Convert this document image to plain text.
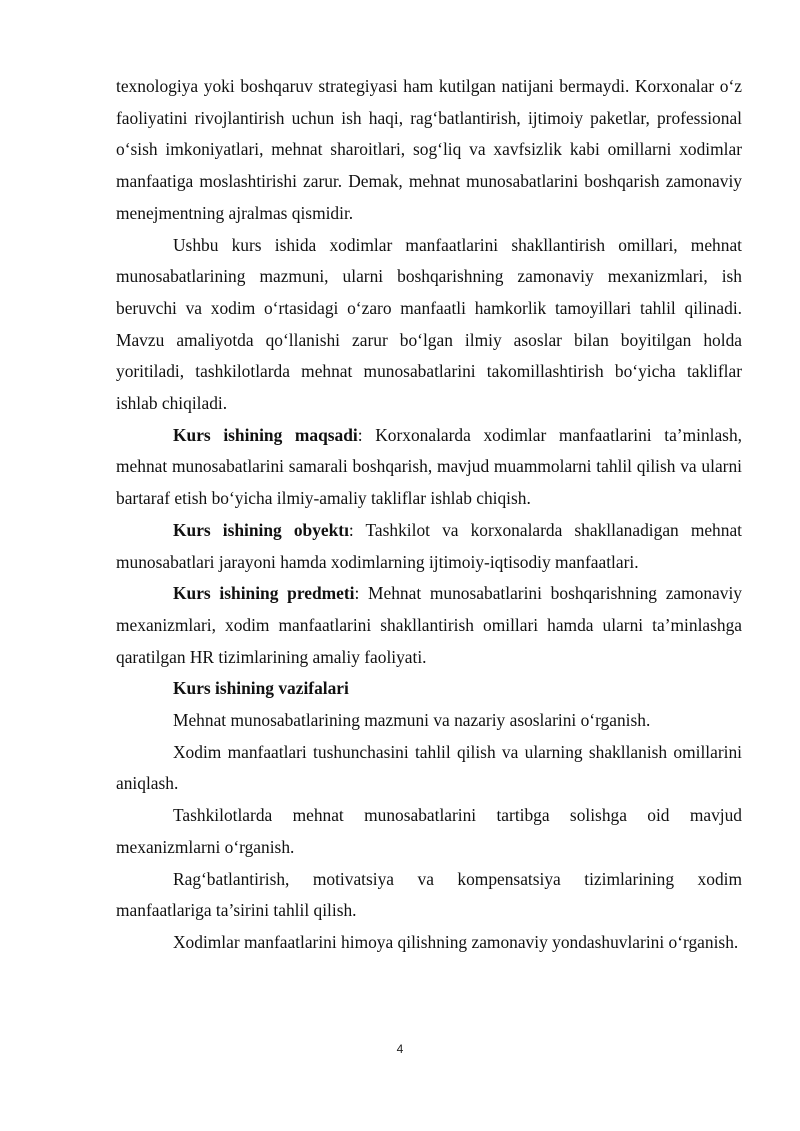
texnologiya yoki boshqaruv strategiyasi ham kutilgan natijani bermaydi. Korxonalar o‘z faoliyatini rivojlantirish uchun ish haqi, rag‘batlantirish, ijtimoiy paketlar, professional o‘sish imkoniyatlari, mehnat sharoitlari, sog‘liq va xavfsizlik kabi omillarni xodimlar manfaatiga moslashtirishi zarur. Demak, mehnat munosabatlarini boshqarish zamonaviy menejmentning ajralmas qismidir.

Ushbu kurs ishida xodimlar manfaatlarini shakllantirish omillari, mehnat munosabatlarining mazmuni, ularni boshqarishning zamonaviy mexanizmlari, ish beruvchi va xodim o‘rtasidagi o‘zaro manfaatli hamkorlik tamoyillari tahlil qilinadi. Mavzu amaliyotda qo‘llanishi zarur bo‘lgan ilmiy asoslar bilan boyitilgan holda yoritiladi, tashkilotlarda mehnat munosabatlarini takomillashtirish bo‘yicha takliflar ishlab chiqiladi.

Kurs ishining maqsadi: Korxonalarda xodimlar manfaatlarini ta’minlash, mehnat munosabatlarini samarali boshqarish, mavjud muammolarni tahlil qilish va ularni bartaraf etish bo‘yicha ilmiy-amaliy takliflar ishlab chiqish.

Kurs ishining obyektı: Tashkilot va korxonalarda shakllanadigan mehnat munosabatlari jarayoni hamda xodimlarning ijtimoiy-iqtisodiy manfaatlari.

Kurs ishining predmeti: Mehnat munosabatlarini boshqarishning zamonaviy mexanizmlari, xodim manfaatlarini shakllantirish omillari hamda ularni ta’minlashga qaratilgan HR tizimlarining amaliy faoliyati.

Kurs ishining vazifalari

Mehnat munosabatlarining mazmuni va nazariy asoslarini o‘rganish.

Xodim manfaatlari tushunchasini tahlil qilish va ularning shakllanish omillarini aniqlash.

Tashkilotlarda mehnat munosabatlarini tartibga solishga oid mavjud mexanizmlarni o‘rganish.

Rag‘batlantirish, motivatsiya va kompensatsiya tizimlarining xodim manfaatlariga ta’sirini tahlil qilish.

Xodimlar manfaatlarini himoya qilishning zamonaviy yondashuvlarini o‘rganish.

4
